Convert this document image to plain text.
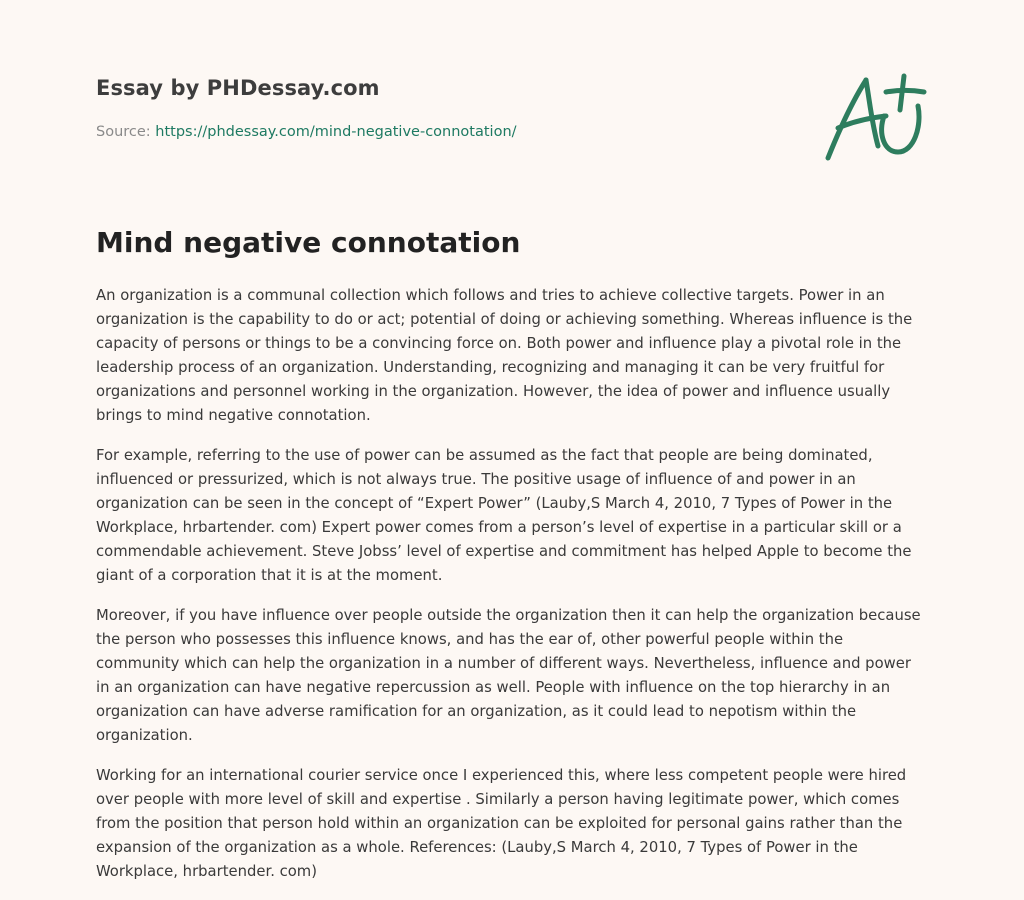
Essay by PHDessay.com
Source: https://phdessay.com/mind-negative-connotation/
Mind negative connotation

An organization is a communal collection which follows and tries to achieve collective targets. Power in an organization is the capability to do or act; potential of doing or achieving something. Whereas influence is the capacity of persons or things to be a convincing force on. Both power and influence play a pivotal role in the leadership process of an organization. Understanding, recognizing and managing it can be very fruitful for organizations and personnel working in the organization. However, the idea of power and influence usually brings to mind negative connotation.

For example, referring to the use of power can be assumed as the fact that people are being dominated, influenced or pressurized, which is not always true. The positive usage of influence of and power in an organization can be seen in the concept of “Expert Power” (Lauby,S March 4, 2010, 7 Types of Power in the Workplace, hrbartender. com) Expert power comes from a person’s level of expertise in a particular skill or a commendable achievement. Steve Jobss’ level of expertise and commitment has helped Apple to become the giant of a corporation that it is at the moment.

Moreover, if you have influence over people outside the organization then it can help the organization because the person who possesses this influence knows, and has the ear of, other powerful people within the community which can help the organization in a number of different ways. Nevertheless, influence and power in an organization can have negative repercussion as well. People with influence on the top hierarchy in an organization can have adverse ramification for an organization, as it could lead to nepotism within the organization.

Working for an international courier service once I experienced this, where less competent people were hired over people with more level of skill and expertise . Similarly a person having legitimate power, which comes from the position that person hold within an organization can be exploited for personal gains rather than the expansion of the organization as a whole. References: (Lauby,S March 4, 2010, 7 Types of Power in the Workplace, hrbartender. com)
